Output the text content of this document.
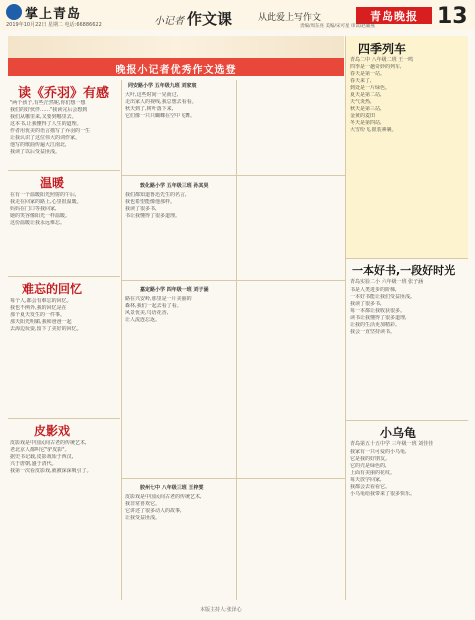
掌上青岛
2019年10月22日 星期二 电话:66886622	小记者 作文课	从此爱上写作文	青岛晚报 13
责编/周东亮 美编/宋可星 审读/赵颖燕
晚报小记者优秀作文选登
读《乔羽》有感
"两个孩子,有些茫然呢,你们想一想
我们的好伙伴……"我读完后会想到
我们从哪里来,又要到哪里去。
这本书,让我懂得了人生的道理。
作者用优美的语言描写了乔羽的一生
让我认识了这位伟大的词作家。
他写的歌曲传遍大江南北,
我读了以后受益匪浅。
温暖
在有一个温暖阳光照射的午后,
我走在回家的路上,心里很温暖。
妈妈在门口等我回家,
她的笑容像阳光一样温暖。
这份温暖让我永远难忘。
难忘的回忆
每个人,都会有难忘的回忆。
我也不例外,我的回忆是在
那个夏天发生的一件事。
那天阳光明媚,我和爸爸一起
去海边玩耍,留下了美好的回忆。
皮影戏
皮影戏是中国民间古老的传统艺术,
老北京人都叫它"驴皮影"。
据史书记载,皮影戏始于西汉,
兴于唐朝,盛于清代。
我第一次看皮影戏,就被深深吸引了。
同安路小学 五年级九班 刘家宸
大叶,这些时间一晃而过,
走出家人的视线,我总想去看看。
秋天到了,树叶落下来,
它们像一只只蝴蝶在空中飞舞。
敦化路小学 五年级三班 孙其昊
我们都知道鲁迅先生的名言,
我也希望能像他那样。
我读了很多书,
书让我懂得了很多道理。
嘉定路小学 四年级一班 刘子涵
路在兴安岭,那里是一片美丽的
森林,我们一起去看了看。
风景优美,鸟语花香,
让人流连忘返。
胶州七中 八年级三班 王梓雯
皮影戏是中国民间古老的传统艺术,
我非常喜欢它。
它讲述了很多动人的故事,
让我受益匪浅。
四季列车
青岛二中 八年级二班 王一鸣
四季是一趟奇妙的列车,
春天是第一站。
春天来了,
到处是一片绿色。
夏天是第二站,
天气炎热,
秋天是第三站,
金黄的麦田
冬天是第四站,
大雪纷飞,银装素裹。
一本好书,一段好时光
青岛实验二小 六年级一班 张子涵
书是人类进步的阶梯,
一本好书能让我们受益匪浅。
我读了很多书,
每一本都让我收获很多。
读书让我懂得了很多道理,
让我的生活更加精彩。
我会一直坚持读书。
小乌龟
青岛第五十五中学 三年级一班 刘佳佳
我家有一只可爱的小乌龟,
它是我的好朋友。
它的壳是绿色的,
上面有美丽的花纹。
每天放学回家,
我都会去看看它。
小乌龟给我带来了很多快乐。
本版主持人:张泽心
